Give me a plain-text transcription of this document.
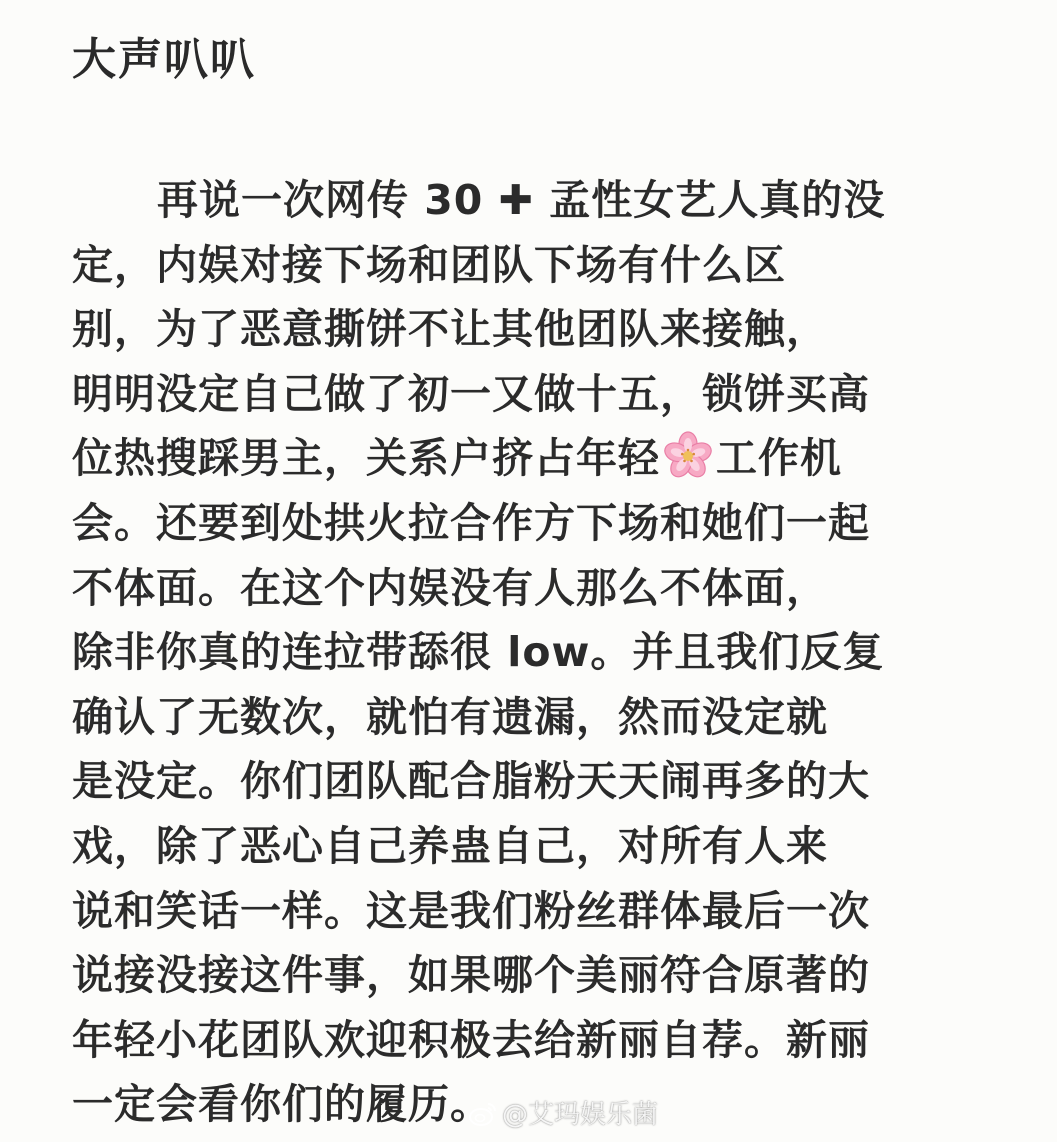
大声叭叭
再说一次网传 30 ✚ 孟性女艺人真的没
定，内娱对接下场和团队下场有什么区
别，为了恶意撕饼不让其他团队来接触，
明明没定自己做了初一又做十五，锁饼买高
位热搜踩男主，关系户挤占年轻 工作机
会。还要到处拱火拉合作方下场和她们一起
不体面。在这个内娱没有人那么不体面，
除非你真的连拉带舔很 low。并且我们反复
确认了无数次，就怕有遗漏，然而没定就
是没定。你们团队配合脂粉天天闹再多的大
戏，除了恶心自己养蛊自己，对所有人来
说和笑话一样。这是我们粉丝群体最后一次
说接没接这件事，如果哪个美丽符合原著的
年轻小花团队欢迎积极去给新丽自荐。新丽
一定会看你们的履历。 @艾玛娱乐菌
